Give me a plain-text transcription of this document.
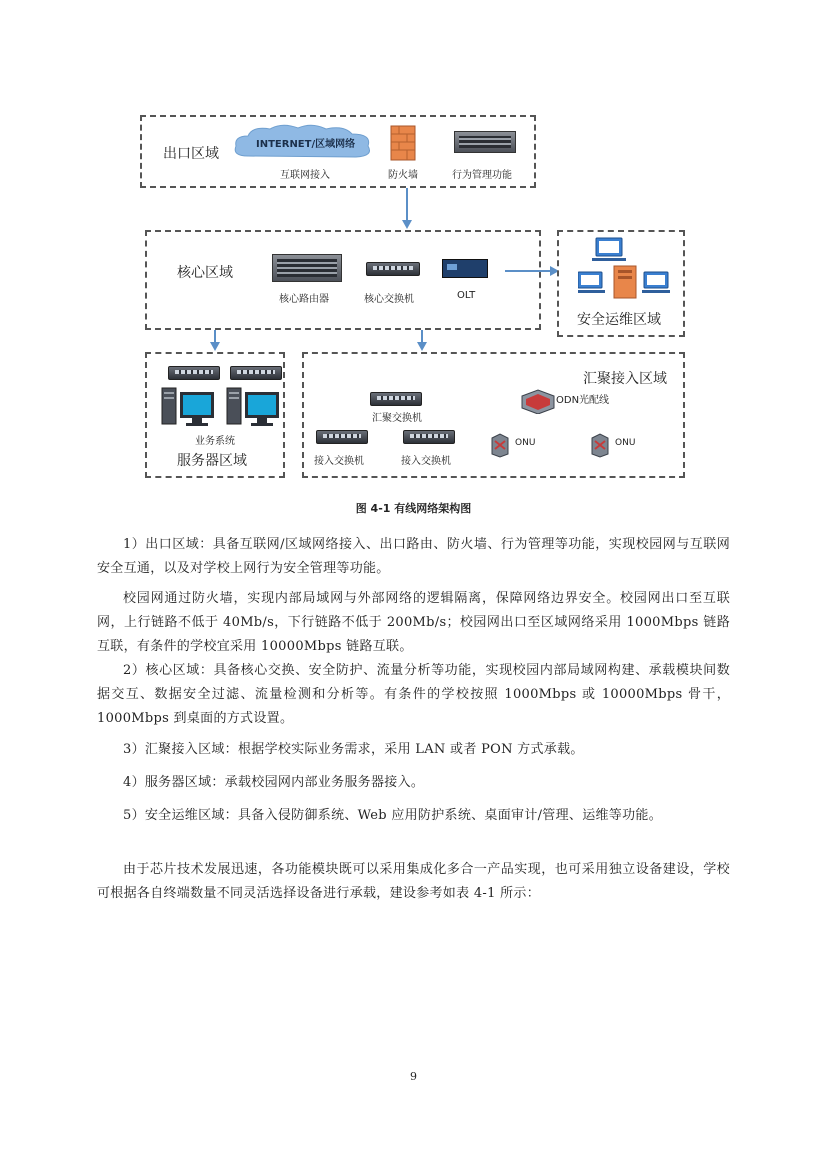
出口区域
INTERNET/区域网络
互联网接入	防火墙	行为管理功能
核心区域
核心路由器	核心交换机	OLT
安全运维区域
业务系统
服务器区域
汇聚接入区域
汇聚交换机
ODN光配线
接入交换机	接入交换机
ONU	ONU
图 4-1 有线网络架构图
1）出口区域：具备互联网/区域网络接入、出口路由、防火墙、行为管理等功能，实现校园网与互联网安全互通，以及对学校上网行为安全管理等功能。
校园网通过防火墙，实现内部局域网与外部网络的逻辑隔离，保障网络边界安全。校园网出口至互联网，上行链路不低于 40Mb/s，下行链路不低于 200Mb/s；校园网出口至区域网络采用 1000Mbps 链路互联，有条件的学校宜采用 10000Mbps 链路互联。
2）核心区域：具备核心交换、安全防护、流量分析等功能，实现校园内部局域网构建、承载模块间数据交互、数据安全过滤、流量检测和分析等。有条件的学校按照 1000Mbps 或 10000Mbps 骨干，1000Mbps 到桌面的方式设置。
3）汇聚接入区域：根据学校实际业务需求，采用 LAN 或者 PON 方式承载。
4）服务器区域：承载校园网内部业务服务器接入。
5）安全运维区域：具备入侵防御系统、Web 应用防护系统、桌面审计/管理、运维等功能。
由于芯片技术发展迅速，各功能模块既可以采用集成化多合一产品实现，也可采用独立设备建设，学校可根据各自终端数量不同灵活选择设备进行承载，建设参考如表 4-1 所示：
9
